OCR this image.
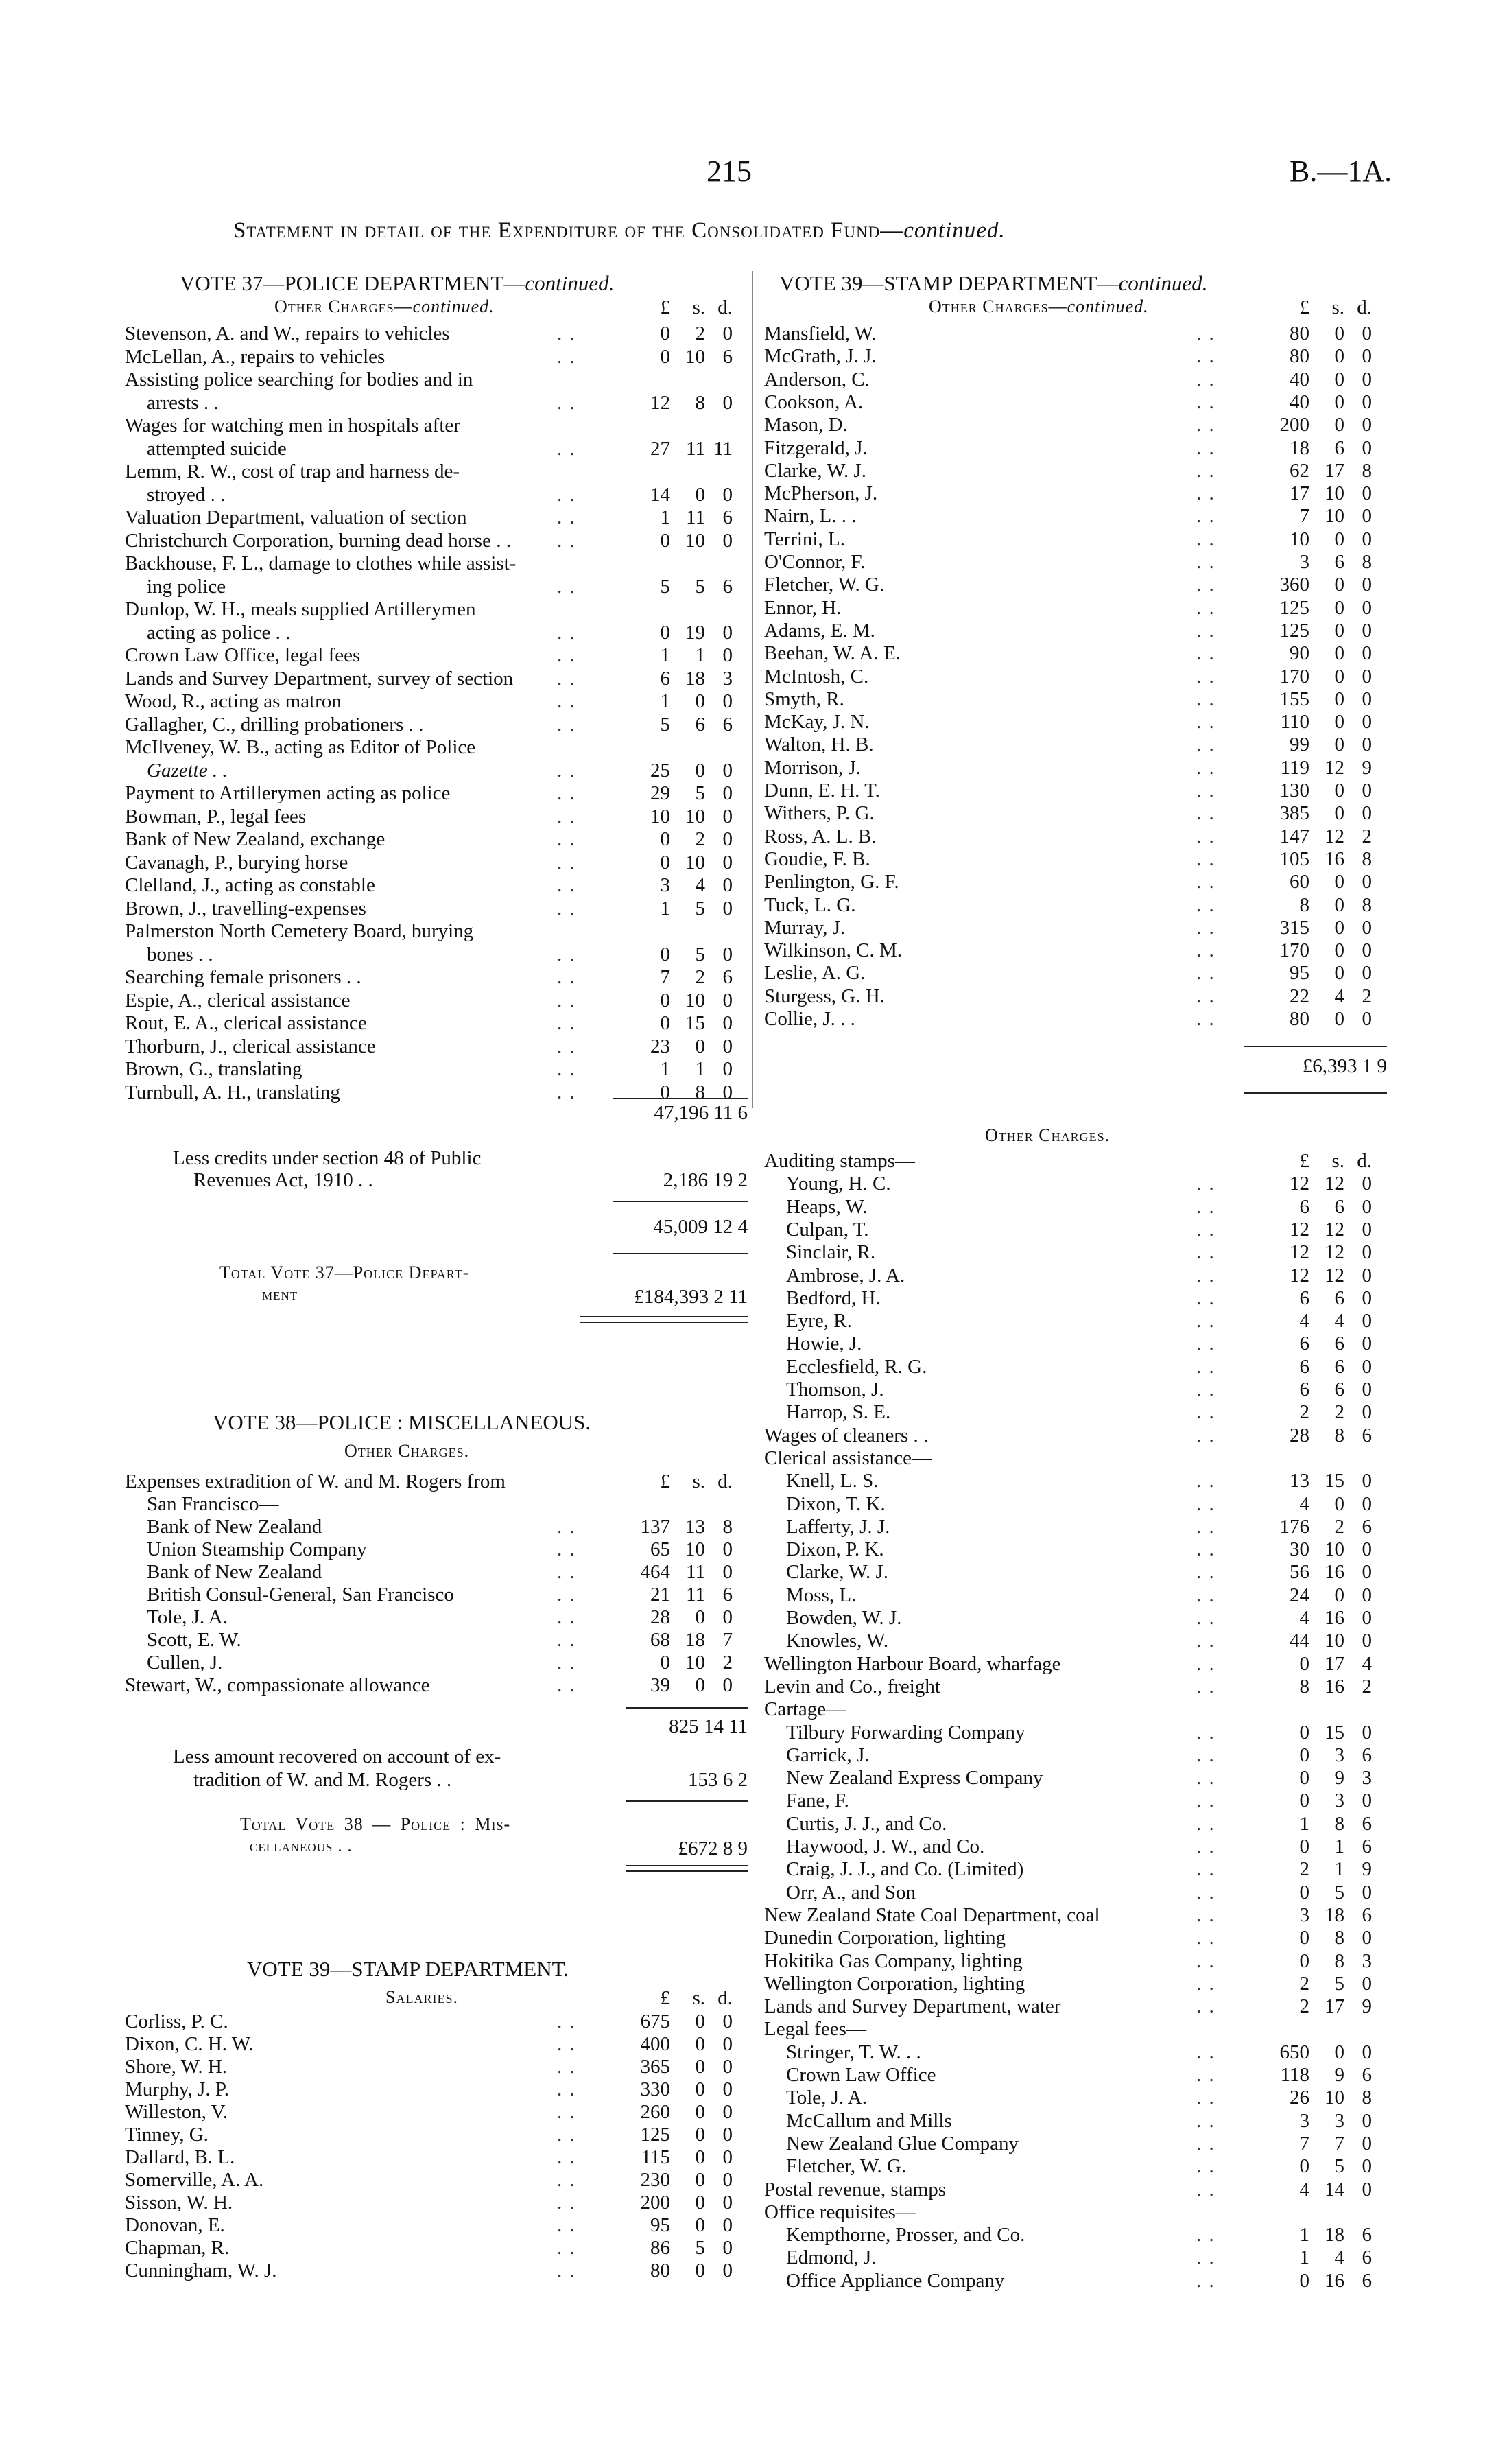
215	B.—1A.
Statement in detail of the Expenditure of the Consolidated Fund—continued.
VOTE 37—POLICE DEPARTMENT—continued.
Other Charges—continued.	£	s. d.
Stevenson, A. and W., repairs to vehicles	. .	0	2 0
McLellan, A., repairs to vehicles	. .	0 10 6
Assisting police searching for bodies and in
arrests . .	. .	12	8 0
Wages for watching men in hospitals after
attempted suicide	. .	27 11 11
Lemm, R. W., cost of trap and harness de-
stroyed . .	. .	14	0 0
Valuation Department, valuation of section	. .	1 11 6
Christchurch Corporation, burning dead horse . . . .	0 10 0
Backhouse, F. L., damage to clothes while assist-
ing police	. .	5	5 6
Dunlop, W. H., meals supplied Artillerymen
acting as police . .	. .	0 19 0
Crown Law Office, legal fees	. .	1	1 0
Lands and Survey Department, survey of section . .	6 18 3
Wood, R., acting as matron	. .	1	0 0
Gallagher, C., drilling probationers . .	. .	5	6 6
McIlveney, W. B., acting as Editor of Police
Gazette . .	. .	25	0 0
Payment to Artillerymen acting as police	. .	29	5 0
Bowman, P., legal fees	. .	10 10 0
Bank of New Zealand, exchange	. .	0	2 0
Cavanagh, P., burying horse	. .	0 10 0
Clelland, J., acting as constable	. .	3	4 0
Brown, J., travelling-expenses	. .	1	5 0
Palmerston North Cemetery Board, burying
bones . .	. .	0	5 0
Searching female prisoners . .	. .	7	2 6
Espie, A., clerical assistance	. .	0 10 0
Rout, E. A., clerical assistance	. .	0 15 0
Thorburn, J., clerical assistance	. .	23	0 0
Brown, G., translating	. .	1	1 0
Turnbull, A. H., translating	. .	0	8 0
47,196 11 6
Less credits under section 48 of Public
Revenues Act, 1910 . .	2,186 19 2
45,009 12 4
Total Vote 37—Police Depart-
ment	£184,393 2 11
VOTE 38—POLICE : MISCELLANEOUS.
Other Charges.
£	s. d.
Expenses extradition of W. and M. Rogers from
San Francisco—
Bank of New Zealand	. .	137 13 8
Union Steamship Company	. .	65 10 0
Bank of New Zealand	. .	464 11 0
British Consul-General, San Francisco	. .	21 11 6
Tole, J. A.	. .	28	0 0
Scott, E. W.	. .	68 18 7
Cullen, J.	. .	0 10 2
Stewart, W., compassionate allowance	. .	39	0 0
825 14 11
Less amount recovered on account of ex-
tradition of W. and M. Rogers . .	153 6 2
Total Vote 38 — Police : Mis-
cellaneous . .	£672 8 9
VOTE 39—STAMP DEPARTMENT.
Salaries.	£	s. d.
Corliss, P. C.	. .	675	0 0
Dixon, C. H. W.	. .	400	0 0
Shore, W. H.	. .	365	0 0
Murphy, J. P.	. .	330	0 0
Willeston, V.	. .	260	0 0
Tinney, G.	. .	125	0 0
Dallard, B. L.	. .	115	0 0
Somerville, A. A.	. .	230	0 0
Sisson, W. H.	. .	200	0 0
Donovan, E.	. .	95	0 0
Chapman, R.	. .	86	5 0
Cunningham, W. J.	. .	80	0 0
VOTE 39—STAMP DEPARTMENT—continued.
Other Charges—continued.	£	s. d.
Mansfield, W.	. .	80	0 0
McGrath, J. J.	. .	80	0 0
Anderson, C.	. .	40	0 0
Cookson, A.	. .	40	0 0
Mason, D.	. .	200	0 0
Fitzgerald, J.	. .	18	6 0
Clarke, W. J.	. .	62 17 8
McPherson, J.	. .	17 10 0
Nairn, L. . .	. .	7 10 0
Terrini, L.	. .	10	0 0
O'Connor, F.	. .	3	6 8
Fletcher, W. G.	. .	360	0 0
Ennor, H.	. .	125	0 0
Adams, E. M.	. .	125	0 0
Beehan, W. A. E.	. .	90	0 0
McIntosh, C.	. .	170	0 0
Smyth, R.	. .	155	0 0
McKay, J. N.	. .	110	0 0
Walton, H. B.	. .	99	0 0
Morrison, J.	. .	119 12 9
Dunn, E. H. T.	. .	130	0 0
Withers, P. G.	. .	385	0 0
Ross, A. L. B.	. .	147 12 2
Goudie, F. B.	. .	105 16 8
Penlington, G. F.	. .	60	0 0
Tuck, L. G.	. .	8	0 8
Murray, J.	. .	315	0 0
Wilkinson, C. M.	. .	170	0 0
Leslie, A. G.	. .	95	0 0
Sturgess, G. H.	. .	22	4 2
Collie, J. . .	. .	80	0 0
£6,393 1 9
Other Charges.
£	s. d.
Auditing stamps—
Young, H. C.	. .	12 12 0
Heaps, W.	. .	6	6 0
Culpan, T.	. .	12 12 0
Sinclair, R.	. .	12 12 0
Ambrose, J. A.	. .	12 12 0
Bedford, H.	. .	6	6 0
Eyre, R.	. .	4	4 0
Howie, J.	. .	6	6 0
Ecclesfield, R. G.	. .	6	6 0
Thomson, J.	. .	6	6 0
Harrop, S. E.	. .	2	2 0
Wages of cleaners . .	. .	28	8 6
Clerical assistance—
Knell, L. S.	. .	13 15 0
Dixon, T. K.	. .	4	0 0
Lafferty, J. J.	. .	176	2 6
Dixon, P. K.	. .	30 10 0
Clarke, W. J.	. .	56 16 0
Moss, L.	. .	24	0 0
Bowden, W. J.	. .	4 16 0
Knowles, W.	. .	44 10 0
Wellington Harbour Board, wharfage	. .	0 17 4
Levin and Co., freight	. .	8 16 2
Cartage—
Tilbury Forwarding Company	. .	0 15 0
Garrick, J.	. .	0	3 6
New Zealand Express Company	. .	0	9 3
Fane, F.	. .	0	3 0
Curtis, J. J., and Co.	. .	1	8 6
Haywood, J. W., and Co.	. .	0	1 6
Craig, J. J., and Co. (Limited)	. .	2	1 9
Orr, A., and Son	. .	0	5 0
New Zealand State Coal Department, coal	. .	3 18 6
Dunedin Corporation, lighting	. .	0	8 0
Hokitika Gas Company, lighting	. .	0	8 3
Wellington Corporation, lighting	. .	2	5 0
Lands and Survey Department, water	. .	2 17 9
Legal fees—
Stringer, T. W. . .	. .	650	0 0
Crown Law Office	. .	118	9 6
Tole, J. A.	. .	26 10 8
McCallum and Mills	. .	3	3 0
New Zealand Glue Company	. .	7	7 0
Fletcher, W. G.	. .	0	5 0
Postal revenue, stamps	. .	4 14 0
Office requisites—
Kempthorne, Prosser, and Co.	. .	1 18 6
Edmond, J.	. .	1	4 6
Office Appliance Company	. .	0 16 6
